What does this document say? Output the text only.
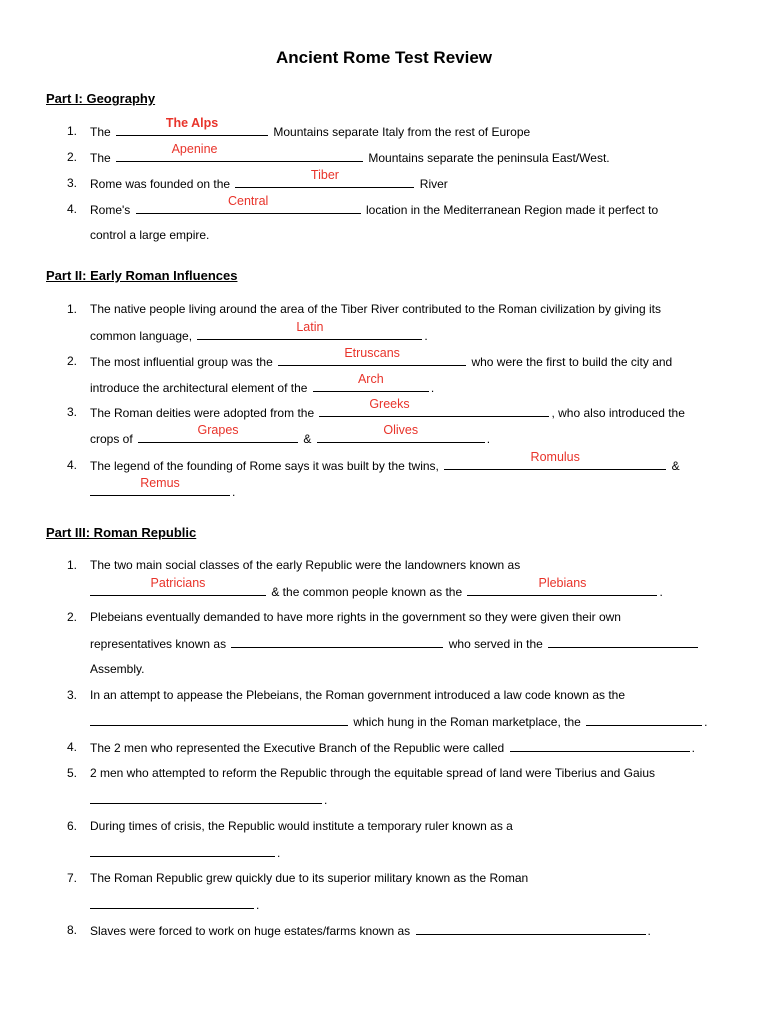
Ancient Rome Test Review
Part I: Geography
1. The
The Alps
Mountains separate Italy from the rest of Europe
2. The
Apenine
Mountains separate the peninsula East/West.
3. Rome was founded on the
Tiber
River
4. Rome's
Central
location in the Mediterranean Region made it perfect to
control a large empire.
Part II: Early Roman Influences
1. The native people living around the area of the Tiber River contributed to the Roman civilization by giving its
common language,
Latin
.
2. The most influential group was the
Etruscans
who were the first to build the city and
introduce the architectural element of the
Arch
.
3. The Roman deities were adopted from the
Greeks
, who also introduced the
crops of
Grapes
&
Olives
.
4. The legend of the founding of Rome says it was built by the twins,
Romulus
&
Remus
.
Part III: Roman Republic
1. The two main social classes of the early Republic were the landowners known as
Patricians
& the common people known as the
Plebians
.
2. Plebeians eventually demanded to have more rights in the government so they were given their own
representatives known as	who served in the
Assembly.
3. In an attempt to appease the Plebeians, the Roman government introduced a law code known as the
which hung in the Roman marketplace, the	.
4. The 2 men who represented the Executive Branch of the Republic were called	.
5. 2 men who attempted to reform the Republic through the equitable spread of land were Tiberius and Gaius
.
6. During times of crisis, the Republic would institute a temporary ruler known as a
.
7. The Roman Republic grew quickly due to its superior military known as the Roman
.
8. Slaves were forced to work on huge estates/farms known as	.
